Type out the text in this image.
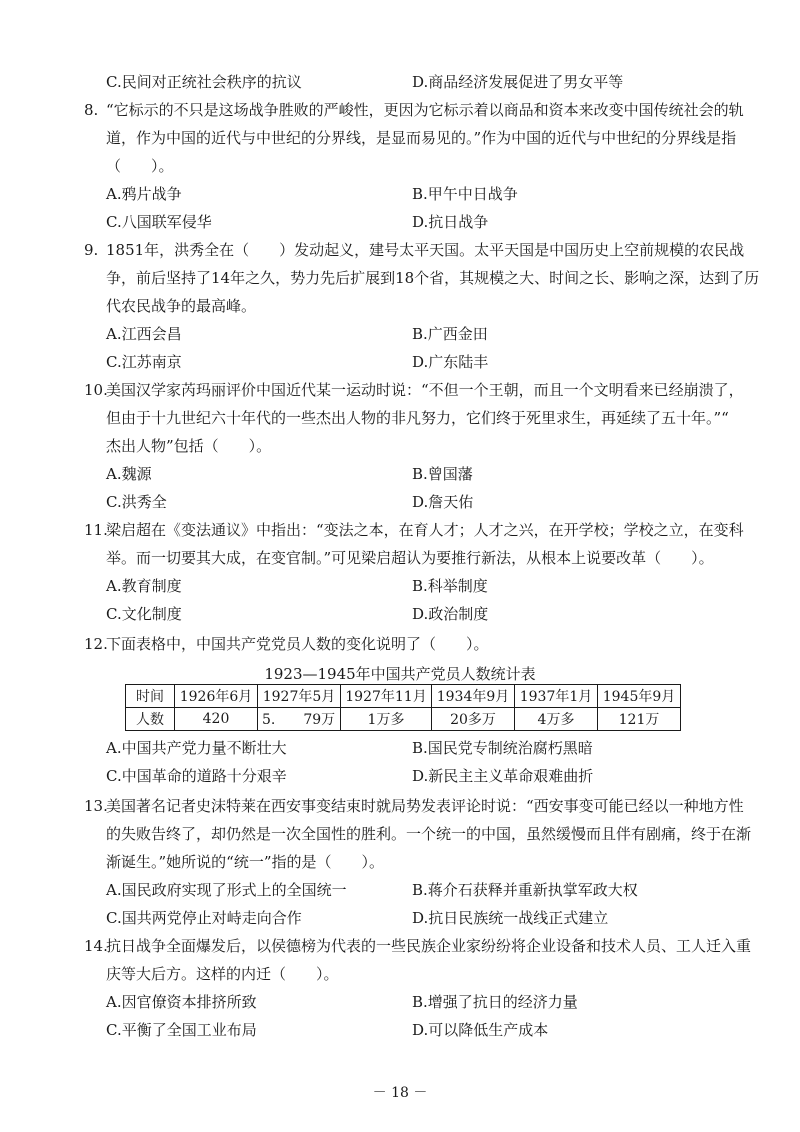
C.民间对正统社会秩序的抗议	D.商品经济发展促进了男女平等
8. “它标示的不只是这场战争胜败的严峻性，更因为它标示着以商品和资本来改变中国传统社会的轨
道，作为中国的近代与中世纪的分界线，是显而易见的。”作为中国的近代与中世纪的分界线是指
（　　）。
A.鸦片战争	B.甲午中日战争
C.八国联军侵华	D.抗日战争
9. 1851年，洪秀全在（　　）发动起义，建号太平天国。太平天国是中国历史上空前规模的农民战
争，前后坚持了14年之久，势力先后扩展到18个省，其规模之大、时间之长、影响之深，达到了历
代农民战争的最高峰。
A.江西会昌	B.广西金田
C.江苏南京	D.广东陆丰
10.
美国汉学家芮玛丽评价中国近代某一运动时说：“不但一个王朝，而且一个文明看来已经崩溃了，
但由于十九世纪六十年代的一些杰出人物的非凡努力，它们终于死里求生，再延续了五十年。”“
杰出人物”包括（　　）。
A.魏源	B.曾国藩
C.洪秀全	D.詹天佑
11.
梁启超在《变法通议》中指出：“变法之本，在育人才；人才之兴，在开学校；学校之立，在变科
举。而一切要其大成，在变官制。”可见梁启超认为要推行新法，从根本上说要改革（　　）。
A.教育制度	B.科举制度
C.文化制度	D.政治制度
12.
下面表格中，中国共产党党员人数的变化说明了（　　）。
1923—1945年中国共产党员人数统计表
时间	1926年6月	1927年5月	1927年11月	1934年9月	1937年1月	1945年9月
人数	420	5.　　79万	1万多	20多万	4万多	121万
A.中国共产党力量不断壮大	B.国民党专制统治腐朽黑暗
C.中国革命的道路十分艰辛	D.新民主主义革命艰难曲折
13.
美国著名记者史沫特莱在西安事变结束时就局势发表评论时说：“西安事变可能已经以一种地方性
的失败告终了，却仍然是一次全国性的胜利。一个统一的中国，虽然缓慢而且伴有剧痛，终于在渐
渐诞生。”她所说的“统一”指的是（　　）。
A.国民政府实现了形式上的全国统一	B.蒋介石获释并重新执掌军政大权
C.国共两党停止对峙走向合作	D.抗日民族统一战线正式建立
14.
抗日战争全面爆发后，以侯德榜为代表的一些民族企业家纷纷将企业设备和技术人员、工人迁入重
庆等大后方。这样的内迁（　　）。
A.因官僚资本排挤所致	B.增强了抗日的经济力量
C.平衡了全国工业布局	D.可以降低生产成本
－ 18 －
